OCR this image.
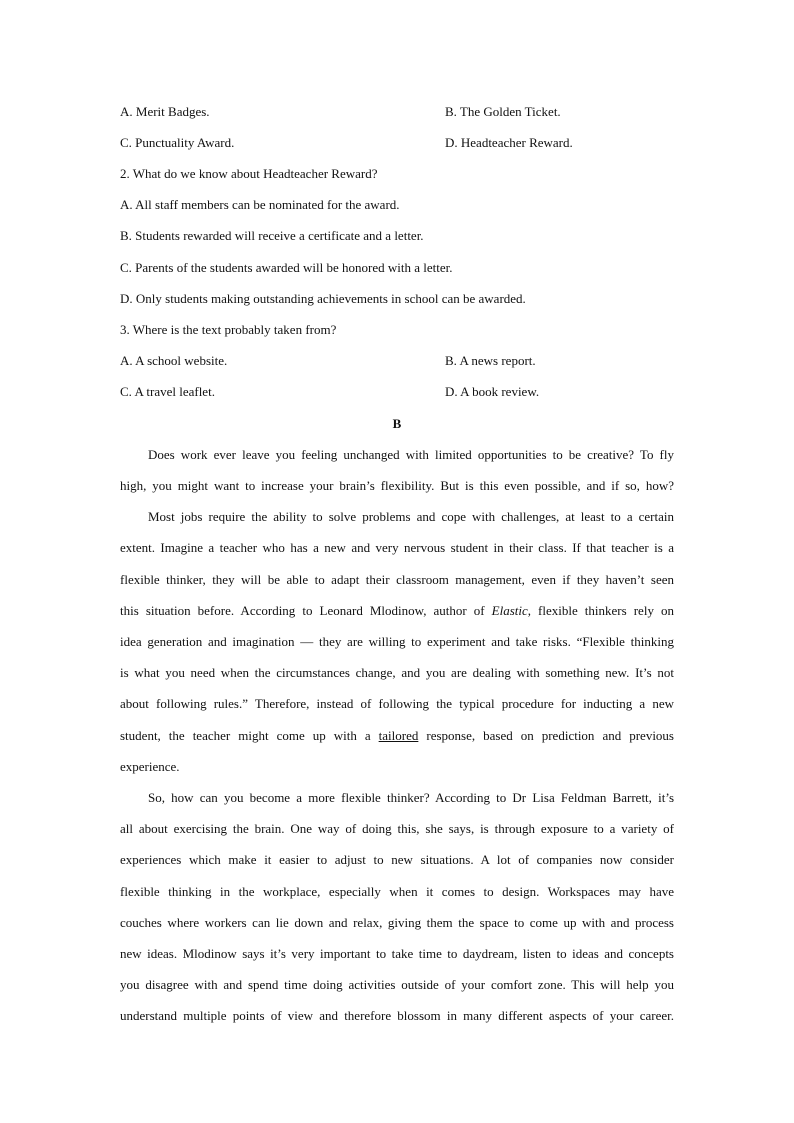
A. Merit Badges.	B. The Golden Ticket.
C. Punctuality Award.	D. Headteacher Reward.
2. What do we know about Headteacher Reward?
A. All staff members can be nominated for the award.
B. Students rewarded will receive a certificate and a letter.
C. Parents of the students awarded will be honored with a letter.
D. Only students making outstanding achievements in school can be awarded.
3. Where is the text probably taken from?
A. A school website.	B. A news report.
C. A travel leaflet.	D. A book review.
B
Does work ever leave you feeling unchanged with limited opportunities to be creative? To fly
high, you might want to increase your brain’s flexibility. But is this even possible, and if so, how?
Most jobs require the ability to solve problems and cope with challenges, at least to a certain
extent. Imagine a teacher who has a new and very nervous student in their class. If that teacher is a
flexible thinker, they will be able to adapt their classroom management, even if they haven’t seen
this situation before. According to Leonard Mlodinow, author of Elastic, flexible thinkers rely on
idea generation and imagination — they are willing to experiment and take risks. “Flexible thinking
is what you need when the circumstances change, and you are dealing with something new. It’s not
about following rules.” Therefore, instead of following the typical procedure for inducting a new
student, the teacher might come up with a tailored response, based on prediction and previous
experience.
So, how can you become a more flexible thinker? According to Dr Lisa Feldman Barrett, it’s
all about exercising the brain. One way of doing this, she says, is through exposure to a variety of
experiences which make it easier to adjust to new situations. A lot of companies now consider
flexible thinking in the workplace, especially when it comes to design. Workspaces may have
couches where workers can lie down and relax, giving them the space to come up with and process
new ideas. Mlodinow says it’s very important to take time to daydream, listen to ideas and concepts
you disagree with and spend time doing activities outside of your comfort zone. This will help you
understand multiple points of view and therefore blossom in many different aspects of your career.
